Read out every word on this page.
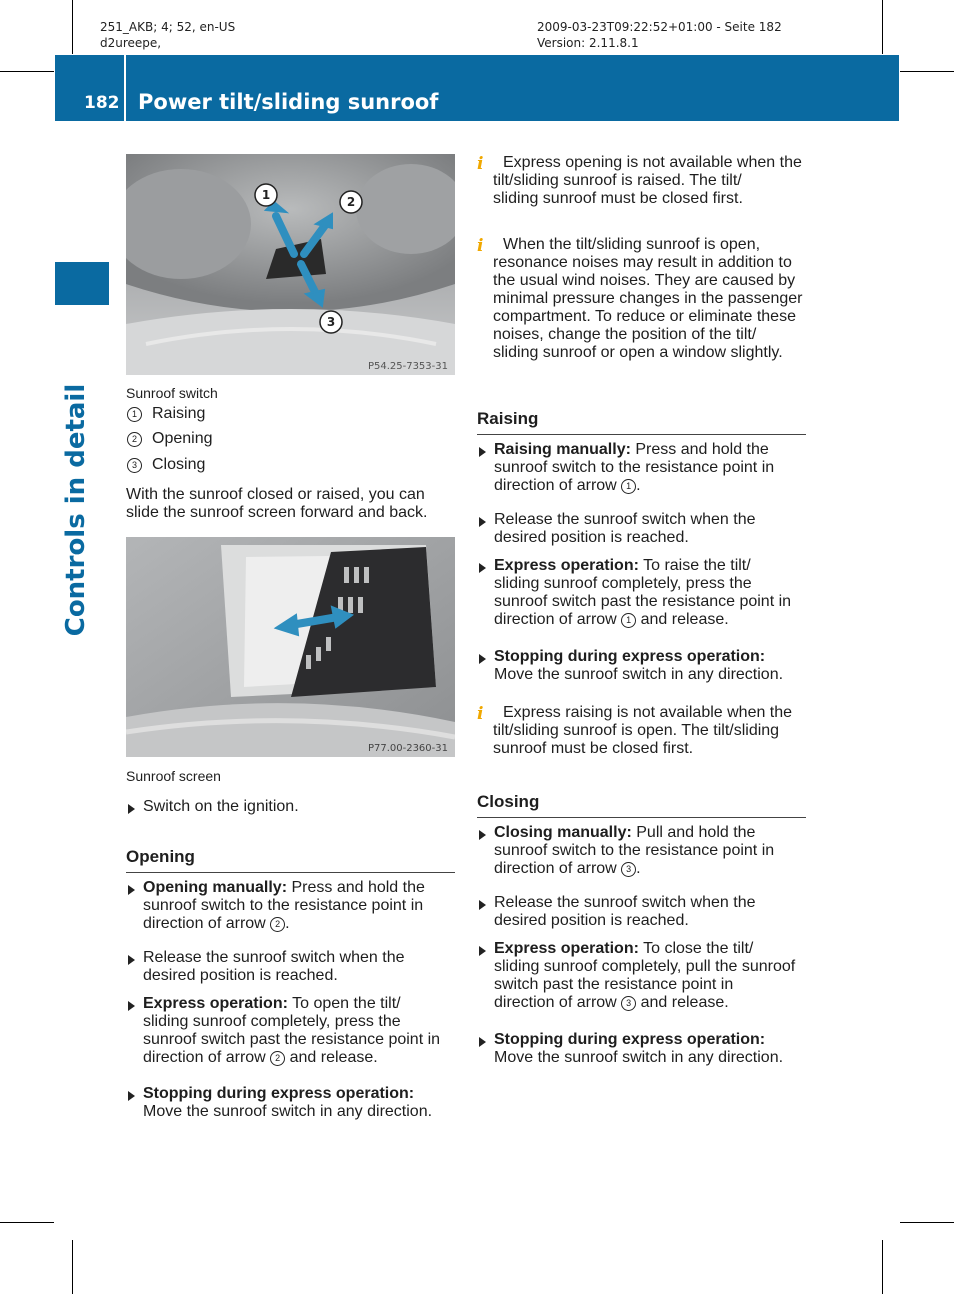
251_AKB; 4; 52, en-US
d2ureepe,
2009-03-23T09:22:52+01:00 - Seite 182
Version: 2.11.8.1
182 Power tilt/sliding sunroof
Controls in detail
1	2
3
P54.25-7353-31
Sunroof switch
1 Raising
2 Opening
3 Closing
With the sunroof closed or raised, you can
slide the sunroof screen forward and back.
P77.00-2360-31
Sunroof screen
Switch on the ignition.
Opening
Opening manually: Press and hold the
sunroof switch to the resistance point in
direction of arrow 2 .
Release the sunroof switch when the
desired position is reached.
Express operation: To open the tilt/
sliding sunroof completely, press the
sunroof switch past the resistance point in
direction of arrow 2 and release.
Stopping during express operation:
Move the sunroof switch in any direction.
i Express opening is not available when the
tilt/sliding sunroof is raised. The tilt/
sliding sunroof must be closed first.
i When the tilt/sliding sunroof is open,
resonance noises may result in addition to
the usual wind noises. They are caused by
minimal pressure changes in the passenger
compartment. To reduce or eliminate these
noises, change the position of the tilt/
sliding sunroof or open a window slightly.
Raising
Raising manually: Press and hold the
sunroof switch to the resistance point in
direction of arrow 1 .
Release the sunroof switch when the
desired position is reached.
Express operation: To raise the tilt/
sliding sunroof completely, press the
sunroof switch past the resistance point in
direction of arrow 1 and release.
Stopping during express operation:
Move the sunroof switch in any direction.
i Express raising is not available when the
tilt/sliding sunroof is open. The tilt/sliding
sunroof must be closed first.
Closing
Closing manually: Pull and hold the
sunroof switch to the resistance point in
direction of arrow 3 .
Release the sunroof switch when the
desired position is reached.
Express operation: To close the tilt/
sliding sunroof completely, pull the sunroof
switch past the resistance point in
direction of arrow 3 and release.
Stopping during express operation:
Move the sunroof switch in any direction.
